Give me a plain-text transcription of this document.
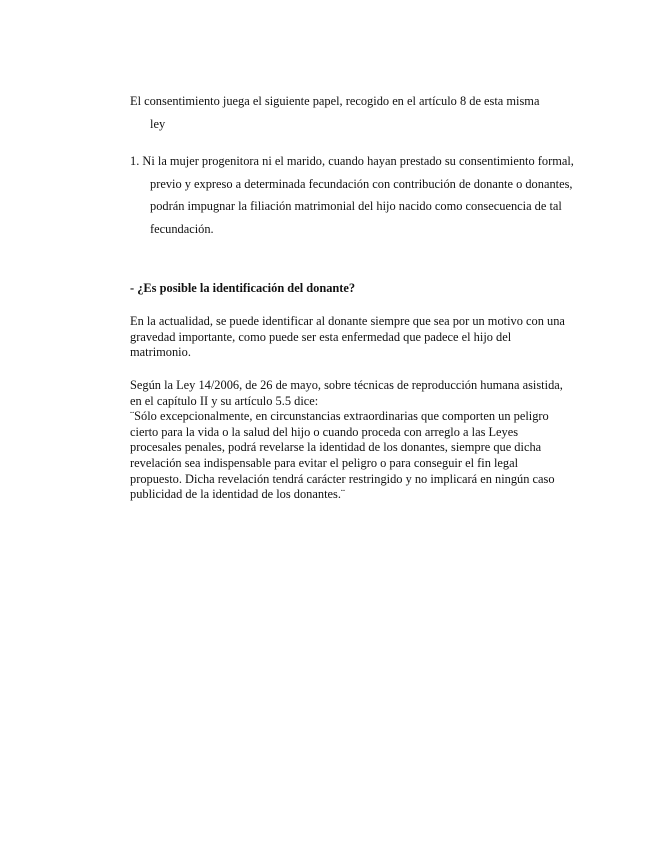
El consentimiento juega el siguiente papel, recogido en el artículo 8 de esta misma
ley
1. Ni la mujer progenitora ni el marido, cuando hayan prestado su consentimiento formal, previo y expreso a determinada fecundación con contribución de donante o donantes, podrán impugnar la filiación matrimonial del hijo nacido como consecuencia de tal fecundación.
- ¿Es posible la identificación del donante?
En la actualidad, se puede identificar al donante siempre que sea por un motivo con una gravedad importante, como puede ser esta enfermedad que padece el hijo del matrimonio.
Según la Ley 14/2006, de 26 de mayo, sobre técnicas de reproducción humana asistida, en el capítulo II y su artículo 5.5 dice:
¨Sólo excepcionalmente, en circunstancias extraordinarias que comporten un peligro cierto para la vida o la salud del hijo o cuando proceda con arreglo a las Leyes procesales penales, podrá revelarse la identidad de los donantes, siempre que dicha revelación sea indispensable para evitar el peligro o para conseguir el fin legal propuesto. Dicha revelación tendrá carácter restringido y no implicará en ningún caso publicidad de la identidad de los donantes.¨
